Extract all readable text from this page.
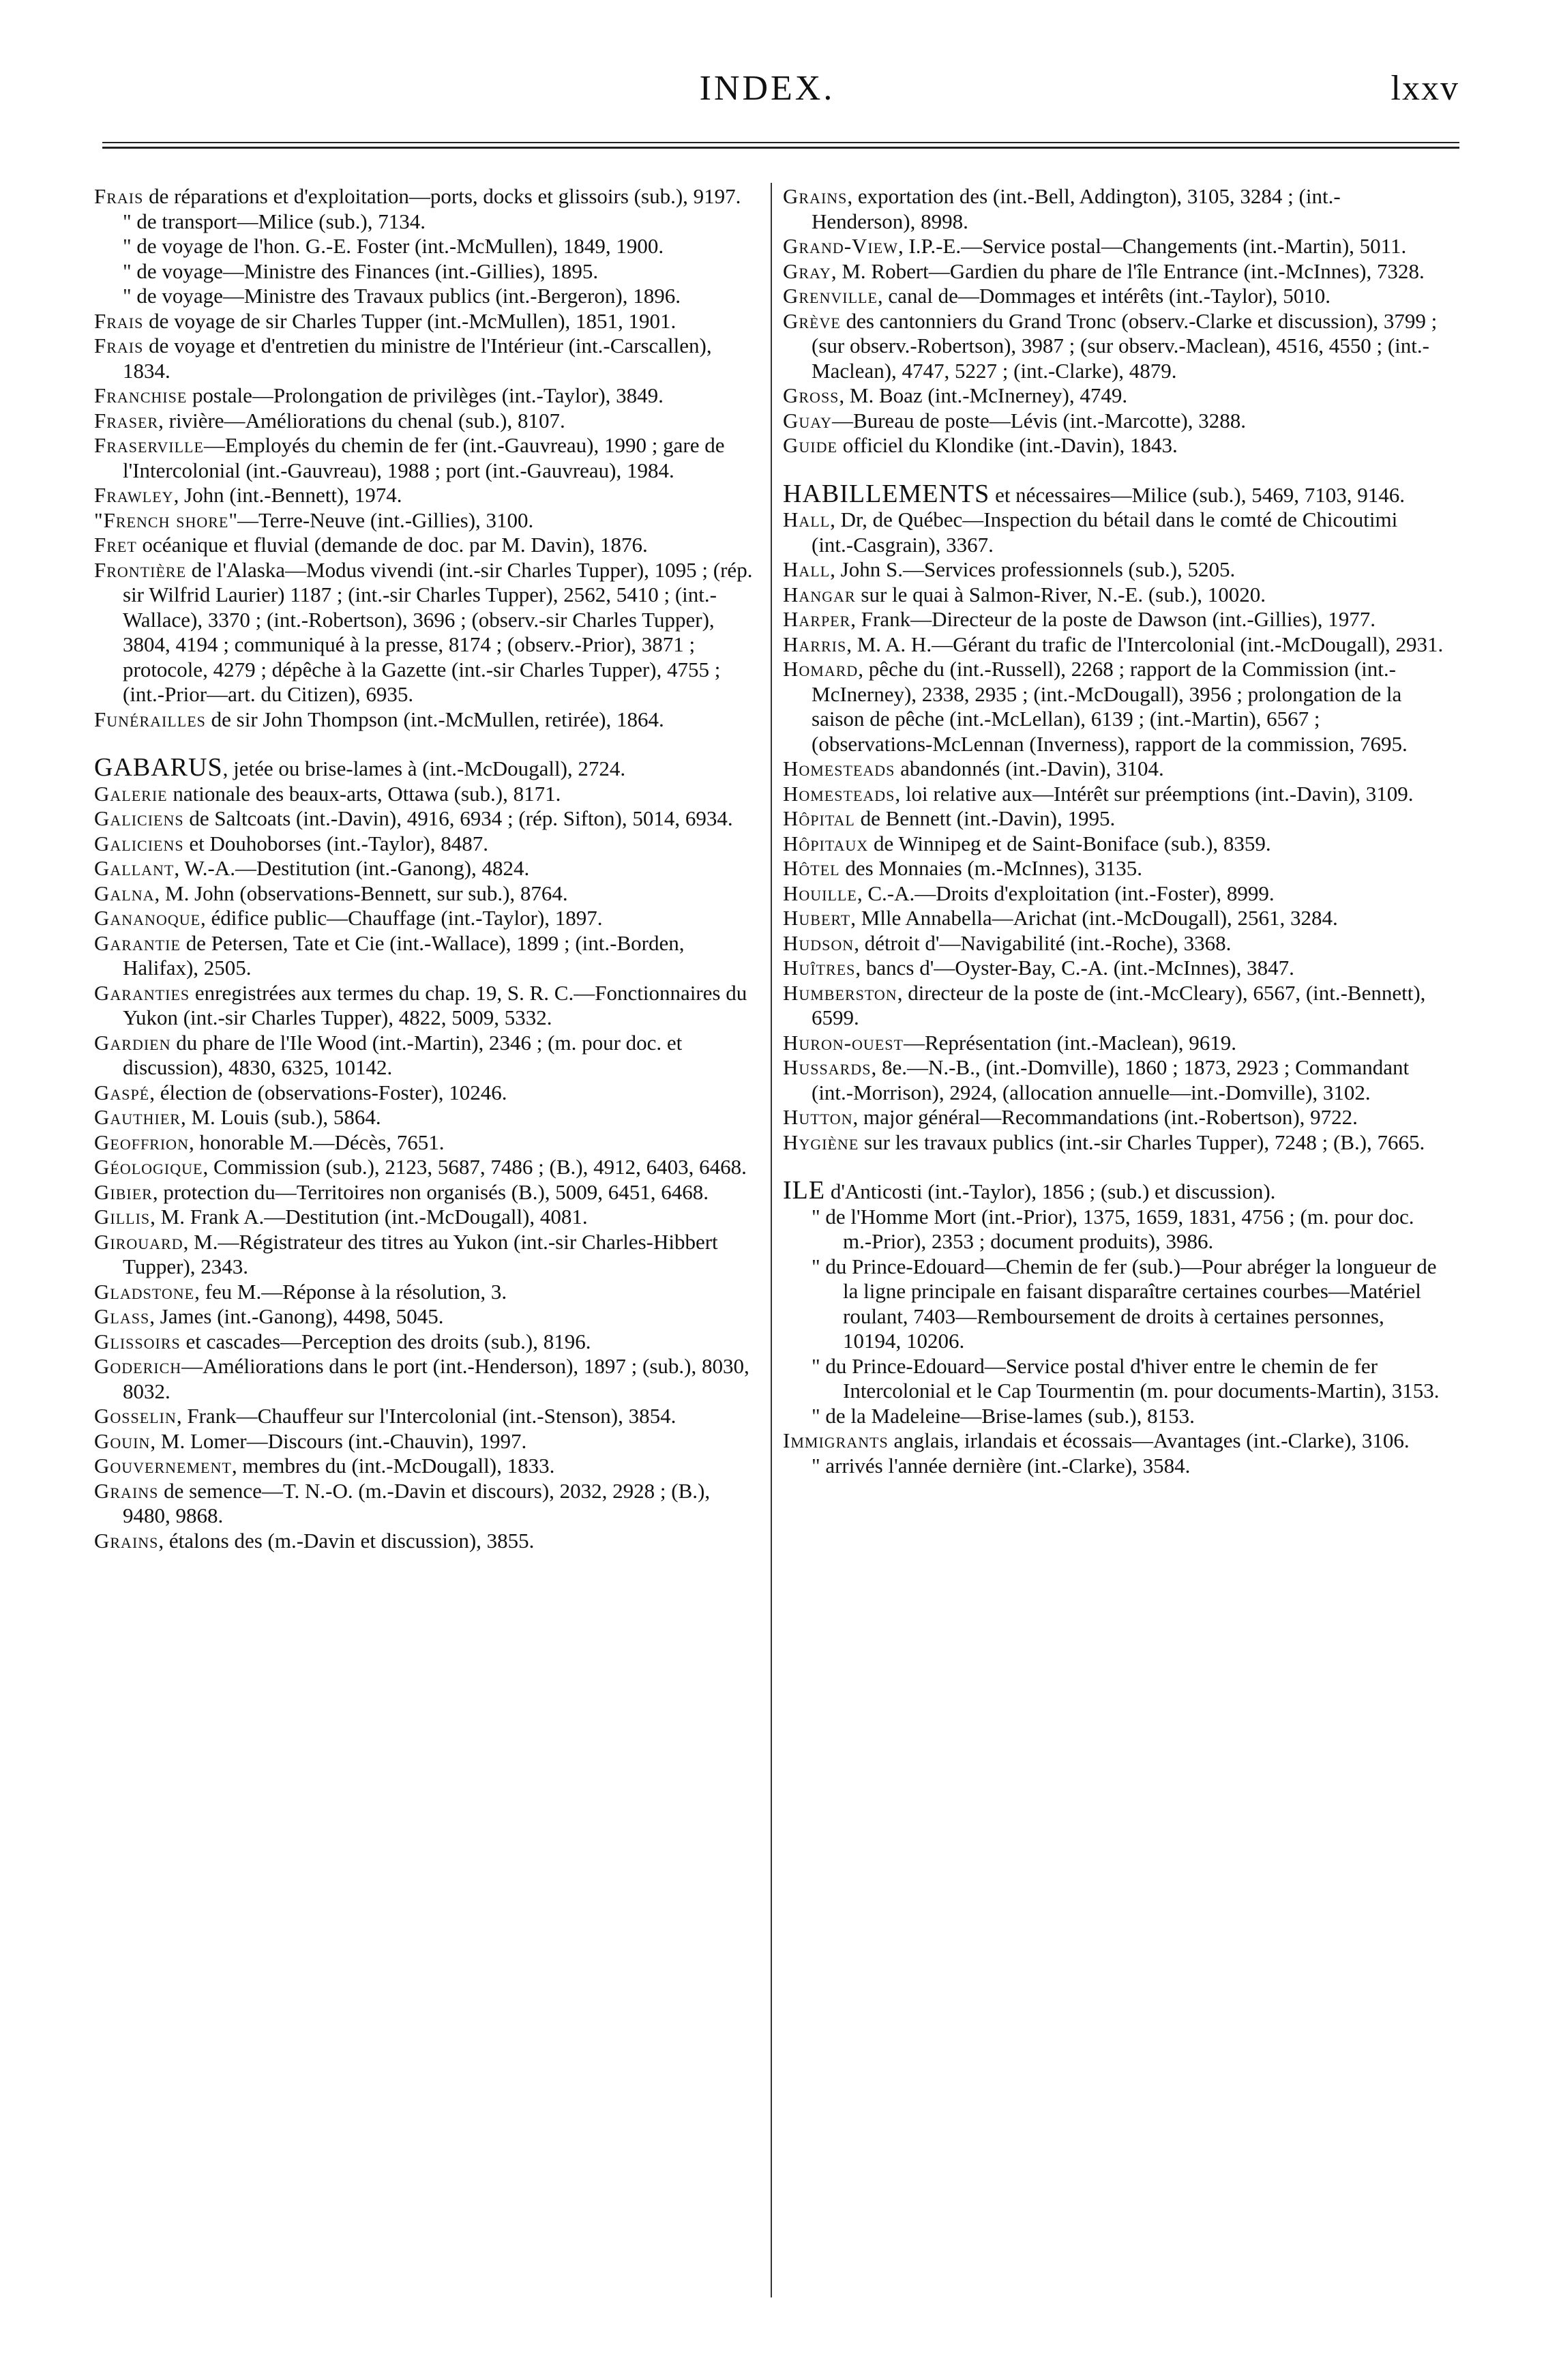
INDEX.	lxxv

Frais de réparations et d'exploitation—ports, docks et glissoirs (sub.), 9197.

" de transport—Milice (sub.), 7134.

" de voyage de l'hon. G.-E. Foster (int.-McMullen), 1849, 1900.

" de voyage—Ministre des Finances (int.-Gillies), 1895.

" de voyage—Ministre des Travaux publics (int.-Bergeron), 1896.

Frais de voyage de sir Charles Tupper (int.-McMullen), 1851, 1901.

Frais de voyage et d'entretien du ministre de l'Intérieur (int.-Carscallen), 1834.

Franchise postale—Prolongation de privilèges (int.-Taylor), 3849.

Fraser, rivière—Améliorations du chenal (sub.), 8107.

Fraserville—Employés du chemin de fer (int.-Gauvreau), 1990 ; gare de l'Intercolonial (int.-Gauvreau), 1988 ; port (int.-Gauvreau), 1984.

Frawley, John (int.-Bennett), 1974.

"French shore"—Terre-Neuve (int.-Gillies), 3100.

Fret océanique et fluvial (demande de doc. par M. Davin), 1876.

Frontière de l'Alaska—Modus vivendi (int.-sir Charles Tupper), 1095 ; (rép. sir Wilfrid Laurier) 1187 ; (int.-sir Charles Tupper), 2562, 5410 ; (int.-Wallace), 3370 ; (int.-Robertson), 3696 ; (observ.-sir Charles Tupper), 3804, 4194 ; communiqué à la presse, 8174 ; (observ.-Prior), 3871 ; protocole, 4279 ; dépêche à la Gazette (int.-sir Charles Tupper), 4755 ; (int.-Prior—art. du Citizen), 6935.

Funérailles de sir John Thompson (int.-McMullen, retirée), 1864.

GABARUS, jetée ou brise-lames à (int.-McDougall), 2724.

Galerie nationale des beaux-arts, Ottawa (sub.), 8171.

Galiciens de Saltcoats (int.-Davin), 4916, 6934 ; (rép. Sifton), 5014, 6934.

Galiciens et Douhoborses (int.-Taylor), 8487.

Gallant, W.-A.—Destitution (int.-Ganong), 4824.

Galna, M. John (observations-Bennett, sur sub.), 8764.

Gananoque, édifice public—Chauffage (int.-Taylor), 1897.

Garantie de Petersen, Tate et Cie (int.-Wallace), 1899 ; (int.-Borden, Halifax), 2505.

Garanties enregistrées aux termes du chap. 19, S. R. C.—Fonctionnaires du Yukon (int.-sir Charles Tupper), 4822, 5009, 5332.

Gardien du phare de l'Ile Wood (int.-Martin), 2346 ; (m. pour doc. et discussion), 4830, 6325, 10142.

Gaspé, élection de (observations-Foster), 10246.

Gauthier, M. Louis (sub.), 5864.

Geoffrion, honorable M.—Décès, 7651.

Géologique, Commission (sub.), 2123, 5687, 7486 ; (B.), 4912, 6403, 6468.

Gibier, protection du—Territoires non organisés (B.), 5009, 6451, 6468.

Gillis, M. Frank A.—Destitution (int.-McDougall), 4081.

Girouard, M.—Régistrateur des titres au Yukon (int.-sir Charles-Hibbert Tupper), 2343.

Gladstone, feu M.—Réponse à la résolution, 3.

Glass, James (int.-Ganong), 4498, 5045.

Glissoirs et cascades—Perception des droits (sub.), 8196.

Goderich—Améliorations dans le port (int.-Henderson), 1897 ; (sub.), 8030, 8032.

Gosselin, Frank—Chauffeur sur l'Intercolonial (int.-Stenson), 3854.

Gouin, M. Lomer—Discours (int.-Chauvin), 1997.

Gouvernement, membres du (int.-McDougall), 1833.

Grains de semence—T. N.-O. (m.-Davin et discours), 2032, 2928 ; (B.), 9480, 9868.

Grains, étalons des (m.-Davin et discussion), 3855.

Grains, exportation des (int.-Bell, Addington), 3105, 3284 ; (int.-Henderson), 8998.

Grand-View, I.P.-E.—Service postal—Changements (int.-Martin), 5011.

Gray, M. Robert—Gardien du phare de l'île Entrance (int.-McInnes), 7328.

Grenville, canal de—Dommages et intérêts (int.-Taylor), 5010.

Grève des cantonniers du Grand Tronc (observ.-Clarke et discussion), 3799 ; (sur observ.-Robertson), 3987 ; (sur observ.-Maclean), 4516, 4550 ; (int.-Maclean), 4747, 5227 ; (int.-Clarke), 4879.

Gross, M. Boaz (int.-McInerney), 4749.

Guay—Bureau de poste—Lévis (int.-Marcotte), 3288.

Guide officiel du Klondike (int.-Davin), 1843.

HABILLEMENTS et nécessaires—Milice (sub.), 5469, 7103, 9146.

Hall, Dr, de Québec—Inspection du bétail dans le comté de Chicoutimi (int.-Casgrain), 3367.

Hall, John S.—Services professionnels (sub.), 5205.

Hangar sur le quai à Salmon-River, N.-E. (sub.), 10020.

Harper, Frank—Directeur de la poste de Dawson (int.-Gillies), 1977.

Harris, M. A. H.—Gérant du trafic de l'Intercolonial (int.-McDougall), 2931.

Homard, pêche du (int.-Russell), 2268 ; rapport de la Commission (int.-McInerney), 2338, 2935 ; (int.-McDougall), 3956 ; prolongation de la saison de pêche (int.-McLellan), 6139 ; (int.-Martin), 6567 ; (observations-McLennan (Inverness), rapport de la commission, 7695.

Homesteads abandonnés (int.-Davin), 3104.

Homesteads, loi relative aux—Intérêt sur préemptions (int.-Davin), 3109.

Hôpital de Bennett (int.-Davin), 1995.

Hôpitaux de Winnipeg et de Saint-Boniface (sub.), 8359.

Hôtel des Monnaies (m.-McInnes), 3135.

Houille, C.-A.—Droits d'exploitation (int.-Foster), 8999.

Hubert, Mlle Annabella—Arichat (int.-McDougall), 2561, 3284.

Hudson, détroit d'—Navigabilité (int.-Roche), 3368.

Huîtres, bancs d'—Oyster-Bay, C.-A. (int.-McInnes), 3847.

Humberston, directeur de la poste de (int.-McCleary), 6567, (int.-Bennett), 6599.

Huron-ouest—Représentation (int.-Maclean), 9619.

Hussards, 8e.—N.-B., (int.-Domville), 1860 ; 1873, 2923 ; Commandant (int.-Morrison), 2924, (allocation annuelle—int.-Domville), 3102.

Hutton, major général—Recommandations (int.-Robertson), 9722.

Hygiène sur les travaux publics (int.-sir Charles Tupper), 7248 ; (B.), 7665.

ILE d'Anticosti (int.-Taylor), 1856 ; (sub.) et discussion).

" de l'Homme Mort (int.-Prior), 1375, 1659, 1831, 4756 ; (m. pour doc. m.-Prior), 2353 ; document produits), 3986.

" du Prince-Edouard—Chemin de fer (sub.)—Pour abréger la longueur de la ligne principale en faisant disparaître certaines courbes—Matériel roulant, 7403—Remboursement de droits à certaines personnes, 10194, 10206.

" du Prince-Edouard—Service postal d'hiver entre le chemin de fer Intercolonial et le Cap Tourmentin (m. pour documents-Martin), 3153.

" de la Madeleine—Brise-lames (sub.), 8153.

Immigrants anglais, irlandais et écossais—Avantages (int.-Clarke), 3106.

" arrivés l'année dernière (int.-Clarke), 3584.
